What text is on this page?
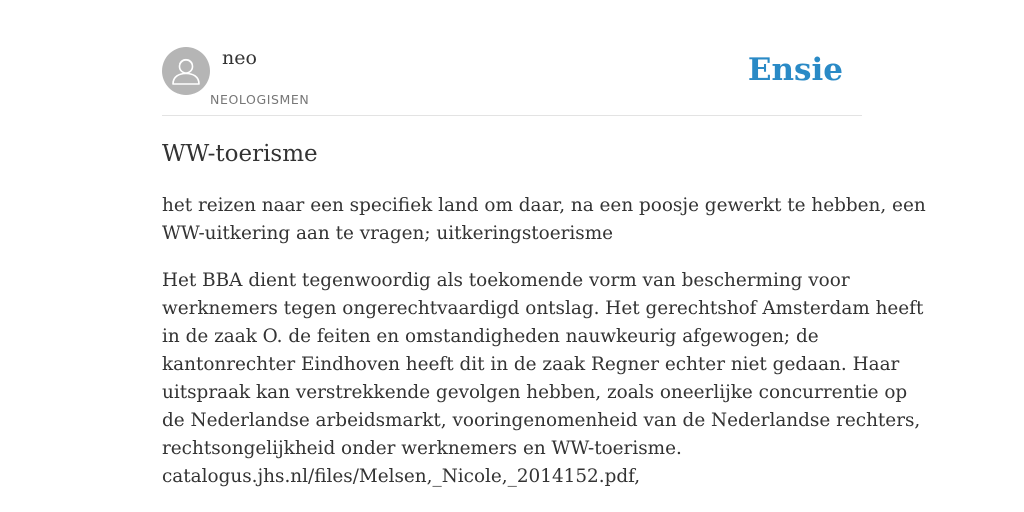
neo
NEOLOGISMEN
Ensie
WW-toerisme

het reizen naar een specifiek land om daar, na een poosje gewerkt te hebben, een
WW-uitkering aan te vragen; uitkeringstoerisme

Het BBA dient tegenwoordig als toekomende vorm van bescherming voor
werknemers tegen ongerechtvaardigd ontslag. Het gerechtshof Amsterdam heeft
in de zaak O. de feiten en omstandigheden nauwkeurig afgewogen; de
kantonrechter Eindhoven heeft dit in de zaak Regner echter niet gedaan. Haar
uitspraak kan verstrekkende gevolgen hebben, zoals oneerlijke concurrentie op
de Nederlandse arbeidsmarkt, vooringenomenheid van de Nederlandse rechters,
rechtsongelijkheid onder werknemers en WW-toerisme.
catalogus.jhs.nl/files/Melsen,_Nicole,_2014152.pdf,
